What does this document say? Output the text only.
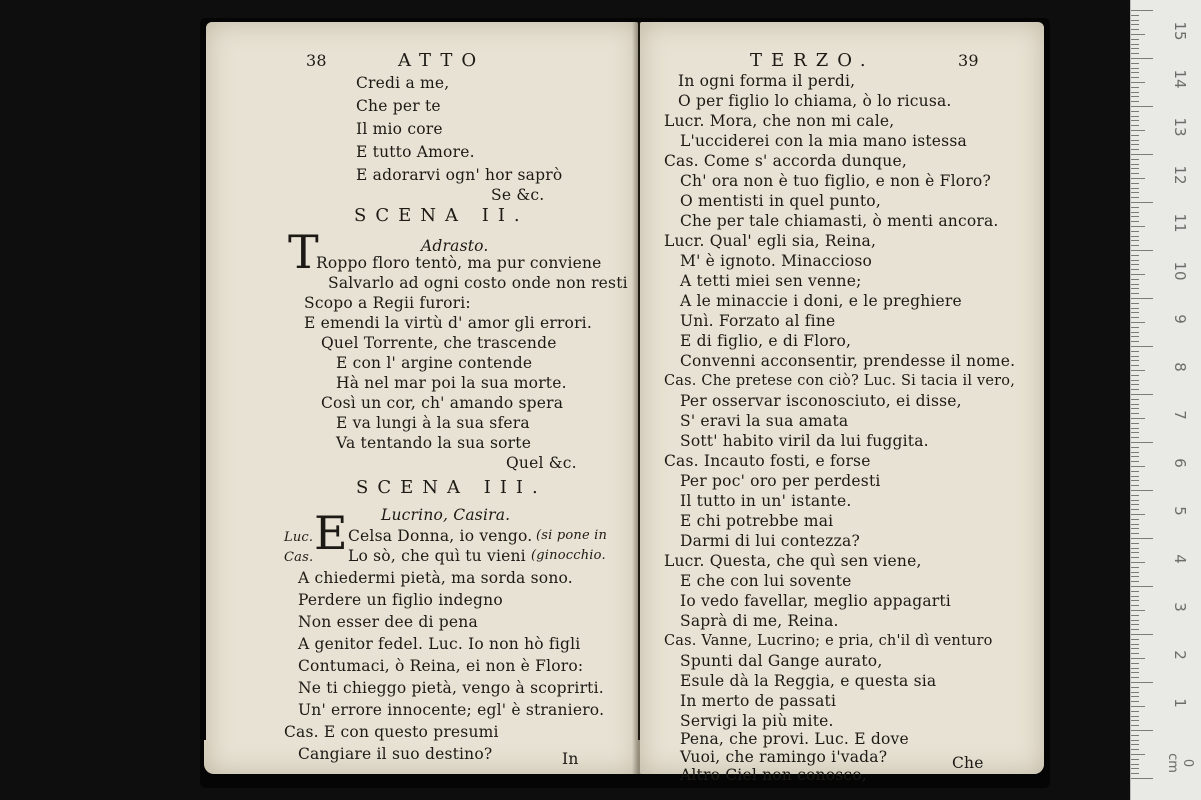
38	ATTO
Credi a me,
Che per te
Il mio core
E tutto Amore.
E adorarvi ogn' hor saprò
Se &c.
SCENA II.
Adrasto.
T
Roppo floro tentò, ma pur conviene
Salvarlo ad ogni costo onde non resti
Scopo a Regii furori:
E emendi la virtù d' amor gli errori.
Quel Torrente, che trascende
E con l' argine contende
Hà nel mar poi la sua morte.
Così un cor, ch' amando spera
E va lungi à la sua sfera
Va tentando la sua sorte
Quel &c.
SCENA III.
Lucrino, Casira.
Luc. E Celsa Donna, io vengo. (si pone in
Cas. Lo sò, che quì tu vieni (ginocchio.
A chiedermi pietà, ma sorda sono.
Perdere un figlio indegno
Non esser dee di pena
A genitor fedel. Luc. Io non hò figli
Contumaci, ò Reina, ei non è Floro:
Ne ti chieggo pietà, vengo à scoprirti.
Un' errore innocente; egl' è straniero.
Cas. E con questo presumi
Cangiare il suo destino?	In
TERZO.	39
In ogni forma il perdi,
O per figlio lo chiama, ò lo ricusa.
Lucr. Mora, che non mi cale,
L'ucciderei con la mia mano istessa
Cas. Come s' accorda dunque,
Ch' ora non è tuo figlio, e non è Floro?
O mentisti in quel punto,
Che per tale chiamasti, ò menti ancora.
Lucr. Qual' egli sia, Reina,
M' è ignoto. Minaccioso
A tetti miei sen venne;
A le minaccie i doni, e le preghiere
Unì. Forzato al fine
E di figlio, e di Floro,
Convenni acconsentir, prendesse il nome.
Cas. Che pretese con ciò? Luc. Si tacia il vero,
Per osservar isconosciuto, ei disse,
S' eravi la sua amata
Sott' habito viril da lui fuggita.
Cas. Incauto fosti, e forse
Per poc' oro per perdesti
Il tutto in un' istante.
E chi potrebbe mai
Darmi di lui contezza?
Lucr. Questa, che quì sen viene,
E che con lui sovente
Io vedo favellar, meglio appagarti
Saprà di me, Reina.
Cas. Vanne, Lucrino; e pria, ch'il dì venturo
Spunti dal Gange aurato,
Esule dà la Reggia, e questa sia
In merto de passati
Servigi la più mite.
Pena, che provi. Luc. E dove
Vuoi, che ramingo i'vada?
Altro Ciel non conosco,
Che
15
14
13
12
11
10
9
8
7
6
5
4
3
2
1
0 cm
